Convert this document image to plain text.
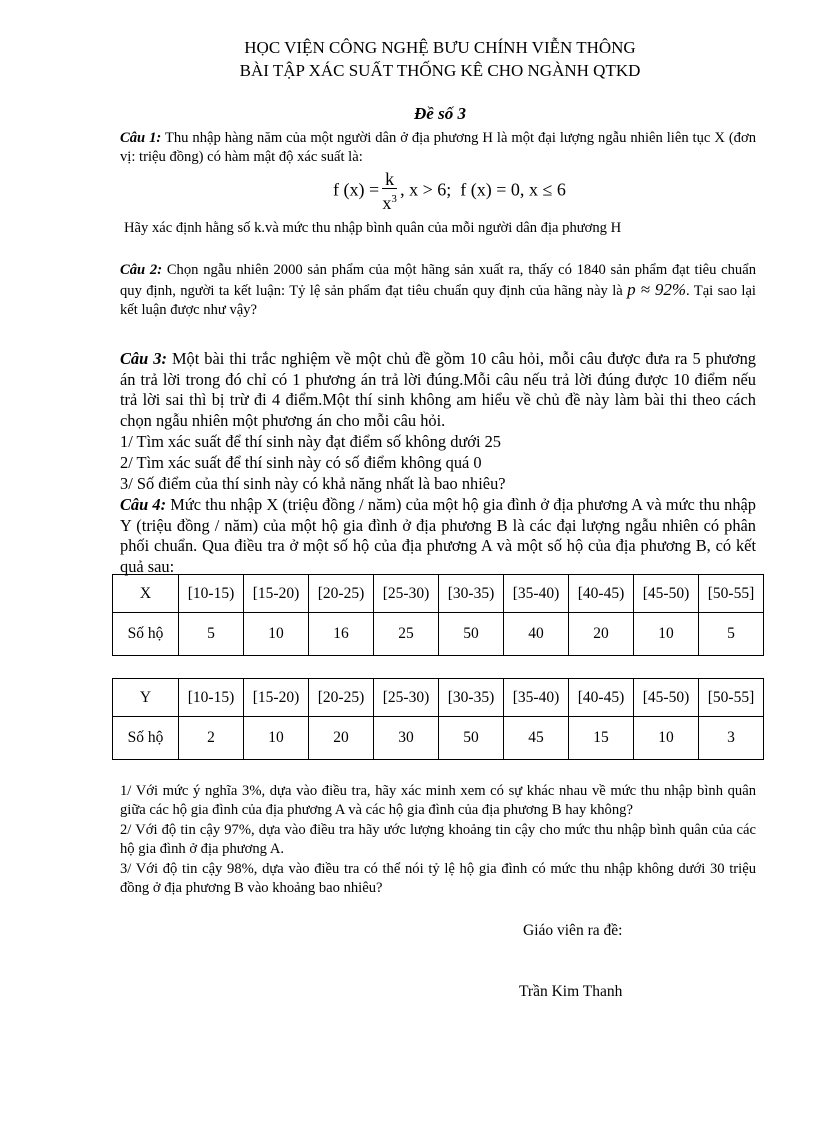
HỌC VIỆN CÔNG NGHỆ BƯU CHÍNH VIỄN THÔNG
BÀI TẬP XÁC SUẤT THỐNG KÊ CHO NGÀNH QTKD
Đề số 3
Câu 1: Thu nhập hàng năm của một người dân ở địa phương H là một đại lượng ngẫu nhiên liên tục X (đơn vị: triệu đồng) có hàm mật độ xác suất là:
f $(x) = \frac{k}{x^3}$ , x > 6; f (x) = 0, x ≤ 6
Hãy xác định hằng số k.và mức thu nhập bình quân của mỗi người dân địa phương H
Câu 2: Chọn ngẫu nhiên 2000 sản phẩm của một hãng sản xuất ra, thấy có 1840 sản phẩm đạt tiêu chuẩn quy định, người ta kết luận: Tỷ lệ sản phẩm đạt tiêu chuẩn quy định của hãng này là p ≈ 92%. Tại sao lại kết luận được như vậy?
Câu 3: Một bài thi trắc nghiệm về một chủ đề gồm 10 câu hỏi, mỗi câu được đưa ra 5 phương án trả lời trong đó chỉ có 1 phương án trả lời đúng.Mỗi câu nếu trả lời đúng được 10 điểm nếu trả lời sai thì bị trừ đi 4 điểm.Một thí sinh không am hiểu về chủ đề này làm bài thi theo cách chọn ngẫu nhiên một phương án cho mỗi câu hỏi.
1/ Tìm xác suất để thí sinh này đạt điểm số không dưới 25
2/ Tìm xác suất để thí sinh này có số điểm không quá 0
3/ Số điểm của thí sinh này có khả năng nhất là bao nhiêu?
Câu 4: Mức thu nhập X (triệu đồng / năm) của một hộ gia đình ở địa phương A và mức thu nhập Y (triệu đồng / năm) của một hộ gia đình ở địa phương B là các đại lượng ngẫu nhiên có phân phối chuẩn. Qua điều tra ở một số hộ của địa phương A và một số hộ của địa phương B, có kết quả sau:
X	[10-15)	[15-20)	[20-25)	[25-30)	[30-35)	[35-40)	[40-45)	[45-50)	[50-55]
Số hộ	5	10	16	25	50	40	20	10	5
Y	[10-15)	[15-20)	[20-25)	[25-30)	[30-35)	[35-40)	[40-45)	[45-50)	[50-55]
Số hộ	2	10	20	30	50	45	15	10	3
1/ Với mức ý nghĩa 3%, dựa vào điều tra, hãy xác minh xem có sự khác nhau về mức thu nhập bình quân giữa các hộ gia đình của địa phương A và các hộ gia đình của địa phương B hay không?
2/ Với độ tin cậy 97%, dựa vào điều tra hãy ước lượng khoảng tin cậy cho mức thu nhập bình quân của các hộ gia đình ở địa phương A.
3/ Với độ tin cậy 98%, dựa vào điều tra có thể nói tỷ lệ hộ gia đình có mức thu nhập không dưới 30 triệu đồng ở địa phương B vào khoảng bao nhiêu?
Giáo viên ra đề:
Trần Kim Thanh
